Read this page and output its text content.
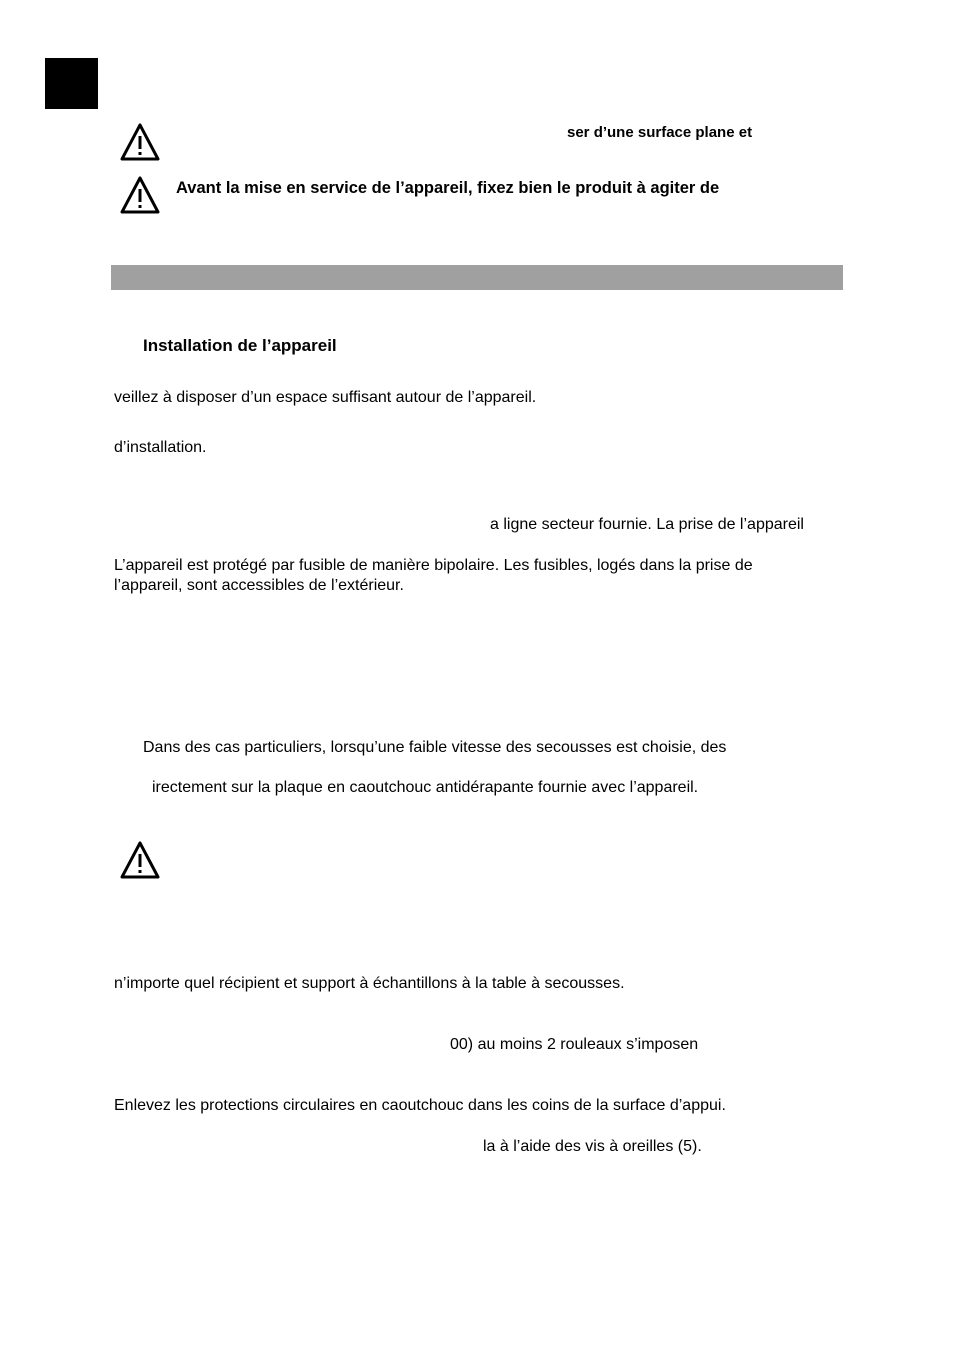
ser d’une surface plane et
Avant la mise en service de l’appareil, fixez bien le produit à agiter de
Installation de l’appareil
veillez à disposer d’un espace suffisant autour de l’appareil.
d’installation.
a ligne secteur fournie. La prise de l’appareil
L’appareil est protégé par fusible de manière bipolaire. Les fusibles, logés dans la prise de
l’appareil, sont accessibles de l’extérieur.
Dans des cas particuliers, lorsqu’une faible vitesse des secousses est choisie, des
irectement sur la plaque en caoutchouc antidérapante fournie avec l’appareil.
n’importe quel récipient et support à échantillons à la table à secousses.
00) au moins 2 rouleaux s’imposen
Enlevez les protections circulaires en caoutchouc dans les coins de la surface d’appui.
la à l’aide des vis à oreilles (5).
